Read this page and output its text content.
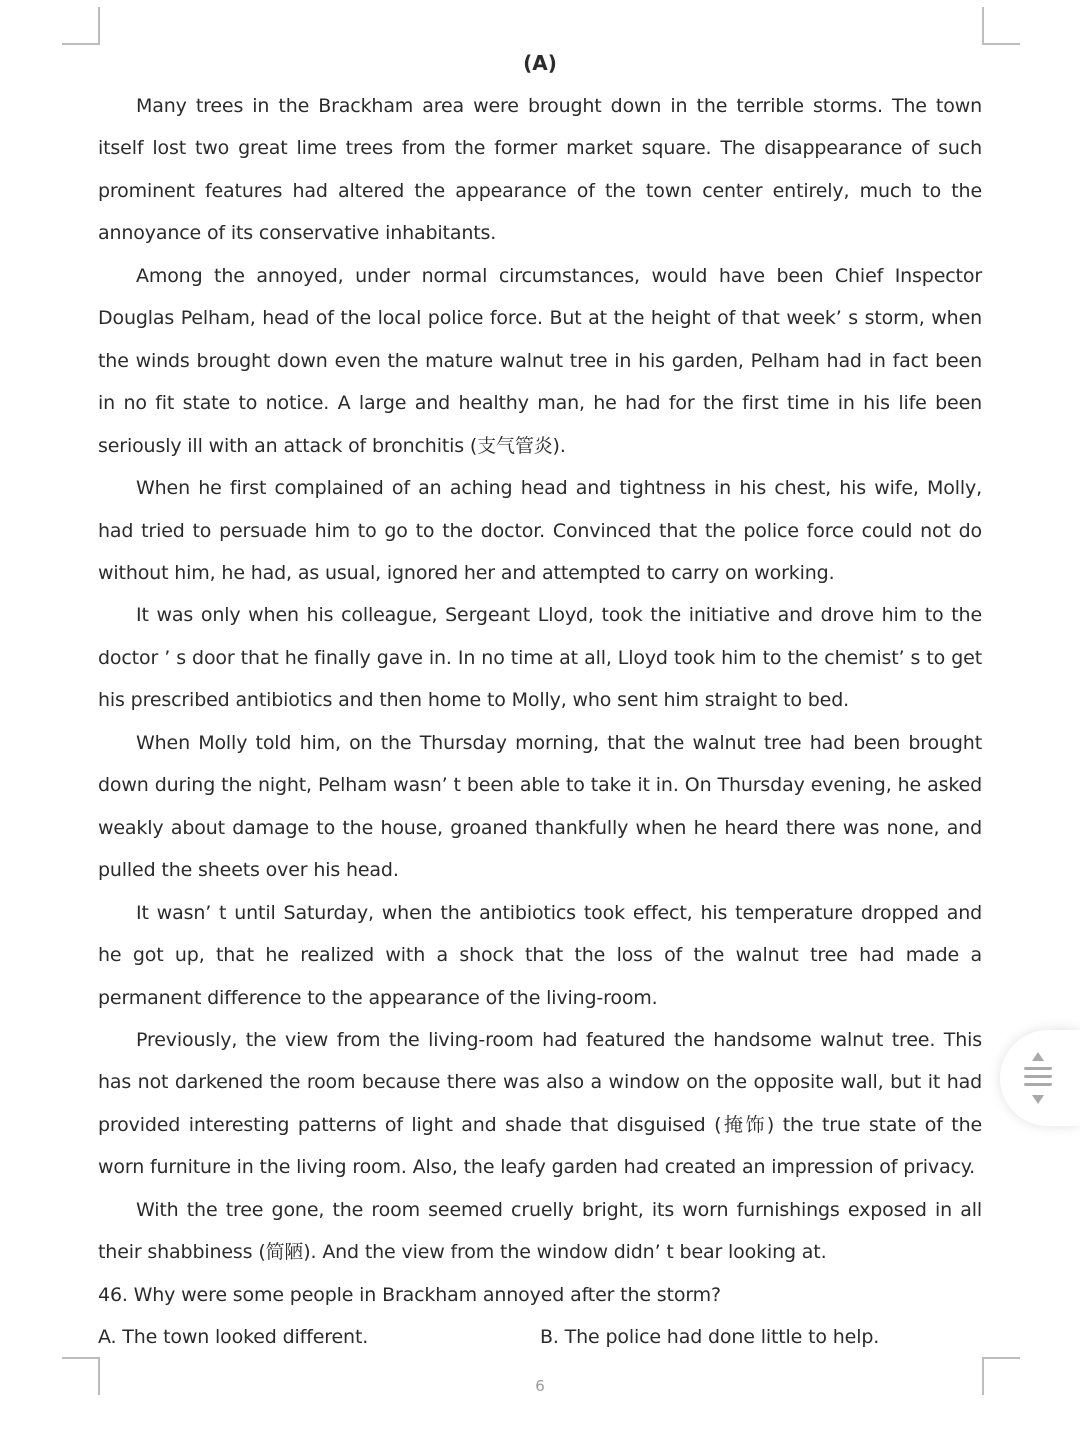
(A)

Many trees in the Brackham area were brought down in the terrible storms. The town itself lost two great lime trees from the former market square. The disappearance of such prominent features had altered the appearance of the town center entirely, much to the annoyance of its conservative inhabitants.

Among the annoyed, under normal circumstances, would have been Chief Inspector Douglas Pelham, head of the local police force. But at the height of that week’ s storm, when the winds brought down even the mature walnut tree in his garden, Pelham had in fact been in no fit state to notice. A large and healthy man, he had for the first time in his life been seriously ill with an attack of bronchitis (支气管炎).

When he first complained of an aching head and tightness in his chest, his wife, Molly, had tried to persuade him to go to the doctor. Convinced that the police force could not do without him, he had, as usual, ignored her and attempted to carry on working.

It was only when his colleague, Sergeant Lloyd, took the initiative and drove him to the doctor ’ s door that he finally gave in. In no time at all, Lloyd took him to the chemist’ s to get his prescribed antibiotics and then home to Molly, who sent him straight to bed.

When Molly told him, on the Thursday morning, that the walnut tree had been brought down during the night, Pelham wasn’ t been able to take it in. On Thursday evening, he asked weakly about damage to the house, groaned thankfully when he heard there was none, and pulled the sheets over his head.

It wasn’ t until Saturday, when the antibiotics took effect, his temperature dropped and he got up, that he realized with a shock that the loss of the walnut tree had made a permanent difference to the appearance of the living-room.

Previously, the view from the living-room had featured the handsome walnut tree. This has not darkened the room because there was also a window on the opposite wall, but it had provided interesting patterns of light and shade that disguised (掩饰) the true state of the worn furniture in the living room. Also, the leafy garden had created an impression of privacy.

With the tree gone, the room seemed cruelly bright, its worn furnishings exposed in all their shabbiness (简陋). And the view from the window didn’ t bear looking at.

46. Why were some people in Brackham annoyed after the storm?

A. The town looked different.	B. The police had done little to help.
6
